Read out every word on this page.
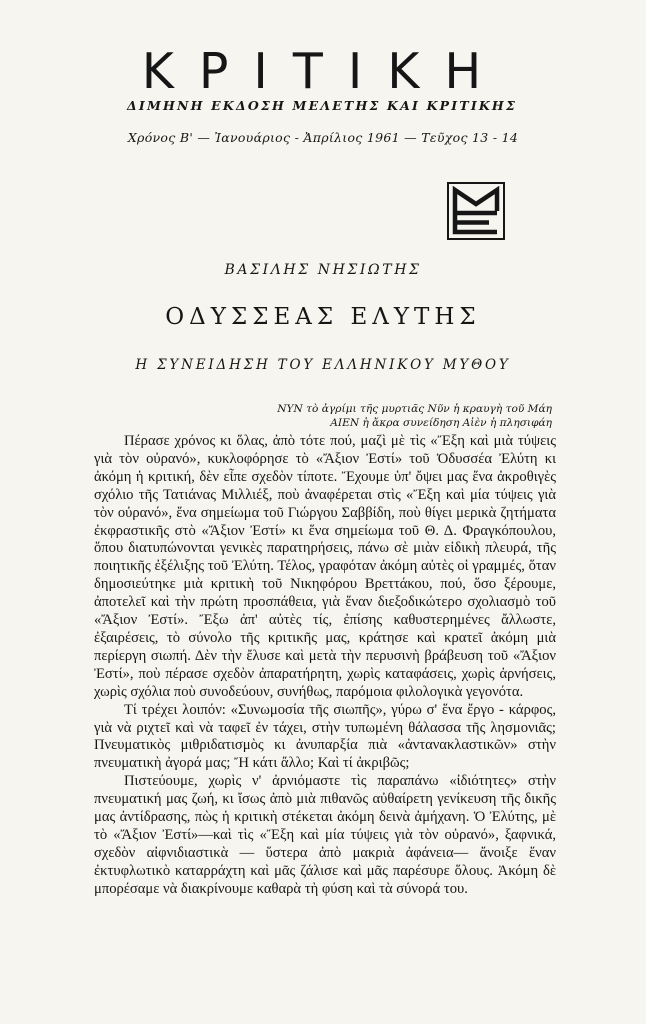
ΚΡΙΤΙΚΗ
ΔΙΜΗΝΗ ΕΚΔΟΣΗ ΜΕΛΕΤΗΣ ΚΑΙ ΚΡΙΤΙΚΗΣ
Χρόνος Β' — Ἰανουάριος - Ἀπρίλιος 1961 — Τεῦχος 13 - 14
ΒΑΣΙΛΗΣ ΝΗΣΙΩΤΗΣ
ΟΔΥΣΣΕΑΣ ΕΛΥΤΗΣ
Η ΣΥΝΕΙΔΗΣΗ ΤΟΥ ΕΛΛΗΝΙΚΟΥ ΜΥΘΟΥ
ΝΥΝ τὸ ἀγρίμι τῆς μυρτιᾶς Νῦν ἡ κραυγὴ τοῦ Μάη
ΑΙΕΝ ἡ ἄκρα συνείδηση Αἰὲν ἡ πλησιφάη

Πέρασε χρόνος κι ὅλας, ἀπὸ τότε πού, μαζὶ μὲ τὶς «Ἔξη καὶ μιὰ τύψεις γιὰ τὸν οὐρανό», κυκλοφόρησε τὸ «Ἄξιον Ἐστί» τοῦ Ὀδυσσέα Ἐλύτη κι ἀκόμη ἡ κριτική, δὲν εἶπε σχεδὸν τίποτε. Ἔχουμε ὑπ' ὄψει μας ἕνα ἀκροθιγὲς σχόλιο τῆς Τατιάνας Μιλλιέξ, ποὺ ἀναφέρεται στὶς «Ἔξη καὶ μία τύψεις γιὰ τὸν οὐρανό», ἕνα σημείωμα τοῦ Γιώργου Σαββίδη, ποὺ θίγει μερικὰ ζητήματα ἐκφραστικῆς στὸ «Ἄξιον Ἐστί» κι ἕνα σημείωμα τοῦ Θ. Δ. Φραγκόπουλου, ὅπου διατυπώνονται γενικὲς παρατηρήσεις, πάνω σὲ μιὰν εἰδικὴ πλευρά, τῆς ποιητικῆς ἐξέλιξης τοῦ Ἐλύτη. Τέλος, γραφόταν ἀκόμη αὐτὲς οἱ γραμμές, ὅταν δημοσιεύτηκε μιὰ κριτικὴ τοῦ Νικηφόρου Βρεττάκου, πού, ὅσο ξέρουμε, ἀποτελεῖ καὶ τὴν πρώτη προσπάθεια, γιὰ ἕναν διεξοδικώτερο σχολιασμὸ τοῦ «Ἄξιον Ἐστί». Ἔξω ἀπ' αὐτὲς τίς, ἐπίσης καθυστερημένες ἄλλωστε, ἐξαιρέσεις, τὸ σύνολο τῆς κριτικῆς μας, κράτησε καὶ κρατεῖ ἀκόμη μιὰ περίεργη σιωπή. Δὲν τὴν ἔλυσε καὶ μετὰ τὴν περυσινὴ βράβευση τοῦ «Ἄξιον Ἐστί», ποὺ πέρασε σχεδὸν ἀπαρατήρητη, χωρὶς καταφάσεις, χωρὶς ἀρνήσεις, χωρὶς σχόλια ποὺ συνοδεύουν, συνήθως, παρόμοια φιλολογικὰ γεγονότα.

Τί τρέχει λοιπόν: «Συνωμοσία τῆς σιωπῆς», γύρω σ' ἕνα ἔργο - κάρφος, γιὰ νὰ ριχτεῖ καὶ νὰ ταφεῖ ἐν τάχει, στὴν τυπωμένη θάλασσα τῆς λησμονιᾶς; Πνευματικὸς μιθριδατισμὸς κι ἀνυπαρξία πιὰ «ἀντανακλαστικῶν» στὴν πνευματικὴ ἀγορά μας; Ἤ κάτι ἄλλο; Καὶ τί ἀκριβῶς;

Πιστεύουμε, χωρὶς ν' ἀρνιόμαστε τὶς παραπάνω «ἰδιότητες» στὴν πνευματική μας ζωή, κι ἴσως ἀπὸ μιὰ πιθανῶς αὐθαίρετη γενίκευση τῆς δικῆς μας ἀντίδρασης, πὼς ἡ κριτικὴ στέκεται ἀκόμη δεινὰ ἀμήχανη. Ὁ Ἐλύτης, μὲ τὸ «Ἄξιον Ἐστί»—καὶ τὶς «Ἔξη καὶ μία τύψεις γιὰ τὸν οὐρανό», ξαφνικά, σχεδὸν αἰφνιδιαστικὰ — ὕστερα ἀπὸ μακριὰ ἀφάνεια— ἄνοιξε ἕναν ἐκτυφλωτικὸ καταρράχτη καὶ μᾶς ζάλισε καὶ μᾶς παρέσυρε ὅλους. Ἀκόμη δὲ μπορέσαμε νὰ διακρίνουμε καθαρὰ τὴ φύση καὶ τὰ σύνορά του.
